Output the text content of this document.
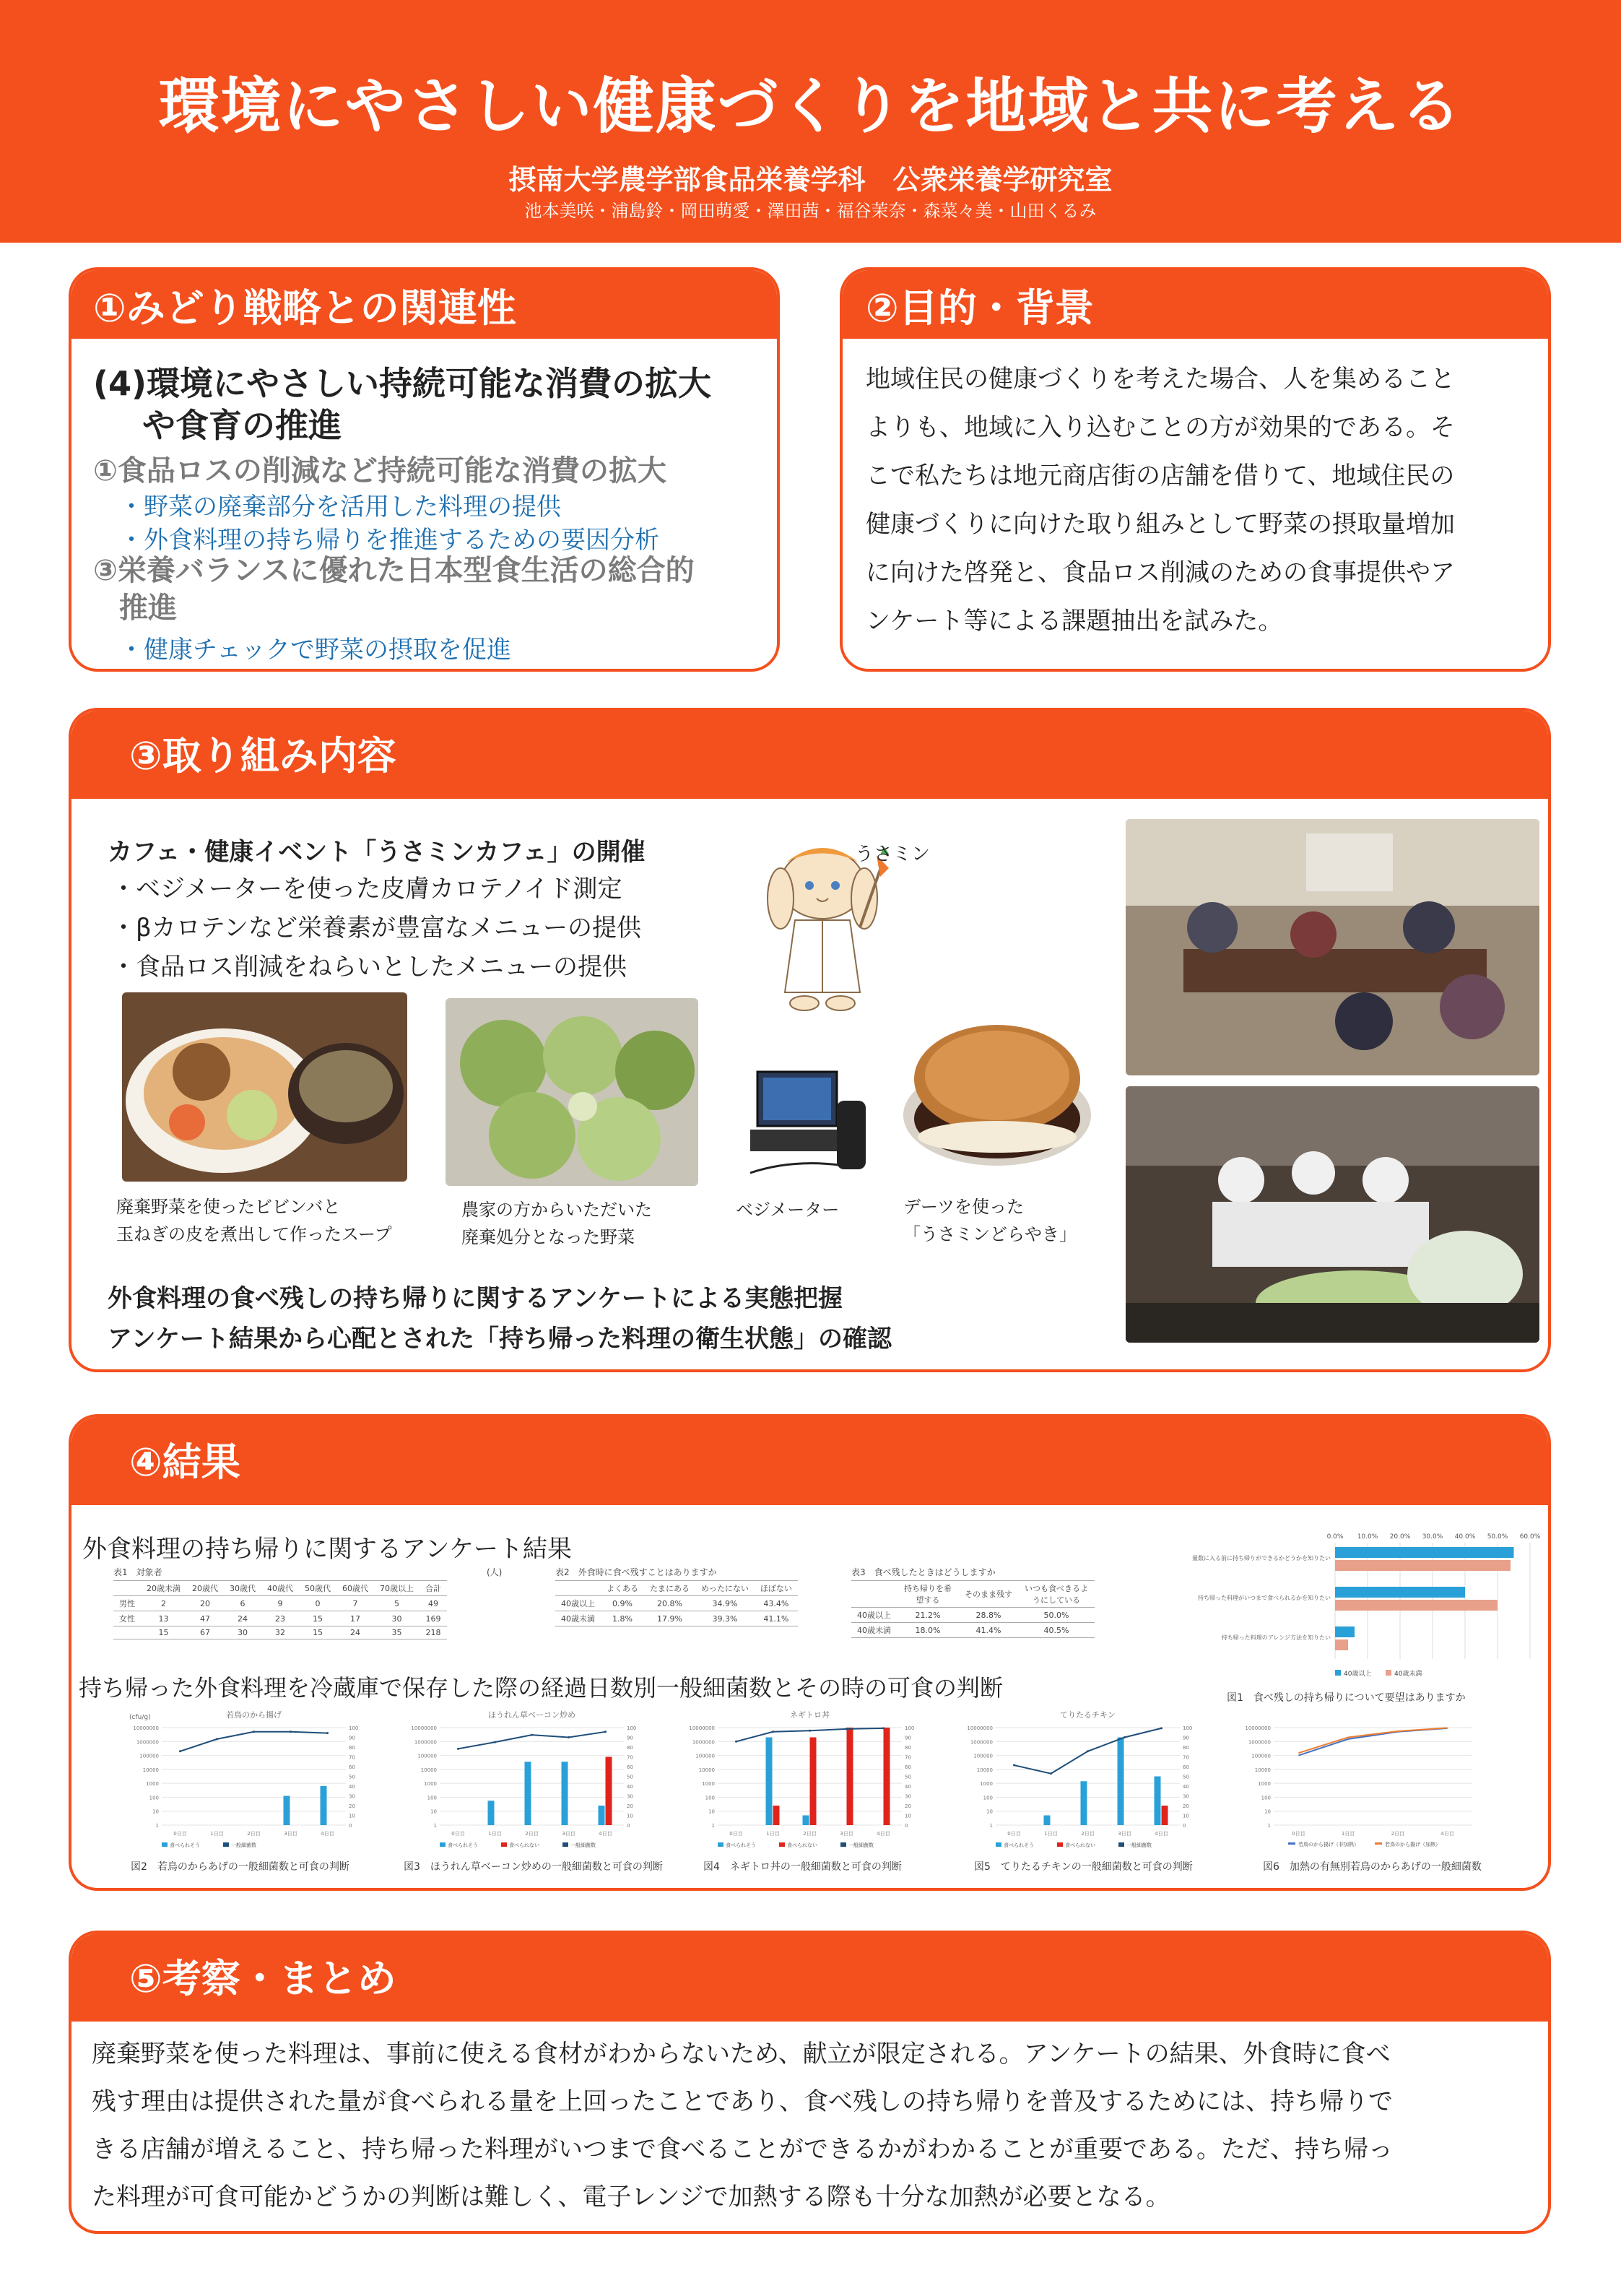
環境にやさしい健康づくりを地域と共に考える
摂南大学農学部食品栄養学科　公衆栄養学研究室
池本美咲・浦島鈴・岡田萌愛・澤田茜・福谷茉奈・森菜々美・山田くるみ
①みどり戦略との関連性
(4)環境にやさしい持続可能な消費の拡大
や食育の推進
①食品ロスの削減など持続可能な消費の拡大
・野菜の廃棄部分を活用した料理の提供
・外食料理の持ち帰りを推進するための要因分析
③栄養バランスに優れた日本型食生活の総合的
推進
・健康チェックで野菜の摂取を促進
②目的・背景
地域住民の健康づくりを考えた場合、人を集めること
よりも、地域に入り込むことの方が効果的である。そ
こで私たちは地元商店街の店舗を借りて、地域住民の
健康づくりに向けた取り組みとして野菜の摂取量増加
に向けた啓発と、食品ロス削減のための食事提供やア
ンケート等による課題抽出を試みた。
③取り組み内容
カフェ・健康イベント「うさミンカフェ」の開催
・ベジメーターを使った皮膚カロテノイド測定
・βカロテンなど栄養素が豊富なメニューの提供
・食品ロス削減をねらいとしたメニューの提供
うさミン
廃棄野菜を使ったビビンバと
玉ねぎの皮を煮出して作ったスープ
農家の方からいただいた
廃棄処分となった野菜
ベジメーター	デーツを使った
「うさミンどらやき」
外食料理の食べ残しの持ち帰りに関するアンケートによる実態把握
アンケート結果から心配とされた「持ち帰った料理の衛生状態」の確認
④結果
外食料理の持ち帰りに関するアンケート結果
表1　対象者	(人)
	20歳未満	20歳代	30歳代	40歳代	50歳代	60歳代	70歳以上	合計
男性	2	20	6	9	0	7	5	49
女性	13	47	24	23	15	17	30	169
	15	67	30	32	15	24	35	218
表2　外食時に食べ残すことはありますか
	よくある	たまにある	めったにない	ほぼない
40歳以上	0.9%	20.8%	34.9%	43.4%
40歳未満	1.8%	17.9%	39.3%	41.1%
表3　食べ残したときはどうしますか
	持ち帰りを希望する	そのまま残す	いつも食べきるようにしている
40歳以上	21.2%	28.8%	50.0%
40歳未満	18.0%	41.4%	40.5%
0.0% 10.0% 20.0% 30.0% 40.0% 50.0% 60.0%
量数に入る前に持ち帰りができるかどうかを知りたい
持ち帰った料理がいつまで食べられるかを知りたい
持ち帰った料理のアレンジ方法を知りたい
40歳以上	40歳未満
図1　食べ残しの持ち帰りについて要望はありますか
持ち帰った外食料理を冷蔵庫で保存した際の経過日数別一般細菌数とその時の可食の判断
若鳥のから揚げ
(cfu/g)
1
10
100
1000
10000
100000
1000000
10000000
0
10
20
30
40
50
60
70
80
90
100
0日目	1日目	2日目	3日目	4日目
食べられそう	一般細菌数
ほうれん草ベーコン炒め
1
10
100
1000
10000
100000
1000000
10000000
0
10
20
30
40
50
60
70
80
90
100
0日目	1日目	2日目	3日目	4日目
食べられそう	食べられない	一般細菌数
ネギトロ丼
1
10
100
1000
10000
100000
1000000
10000000
0
10
20
30
40
50
60
70
80
90
100
0日目	1日目	2日目	3日目	4日目
食べられそう	食べられない	一般細菌数
てりたるチキン
1
10
100
1000
10000
100000
1000000
10000000
0
10
20
30
40
50
60
70
80
90
100
0日目	1日目	2日目	3日目	4日目
食べられそう	食べられない	一般細菌数
1
10
100
1000
10000
100000
1000000
10000000
0日目	1日目	2日目	4日目
若鳥のから揚げ（非加熱）	若鳥のから揚げ（加熱）
図2　若鳥のからあげの一般細菌数と可食の判断	図3　ほうれん草ベーコン炒めの一般細菌数と可食の判断	図4　ネギトロ丼の一般細菌数と可食の判断	図5　てりたるチキンの一般細菌数と可食の判断	図6　加熱の有無別若鳥のからあげの一般細菌数
⑤考察・まとめ
廃棄野菜を使った料理は、事前に使える食材がわからないため、献立が限定される。アンケートの結果、外食時に食べ
残す理由は提供された量が食べられる量を上回ったことであり、食べ残しの持ち帰りを普及するためには、持ち帰りで
きる店舗が増えること、持ち帰った料理がいつまで食べることができるかがわかることが重要である。ただ、持ち帰っ
た料理が可食可能かどうかの判断は難しく、電子レンジで加熱する際も十分な加熱が必要となる。
